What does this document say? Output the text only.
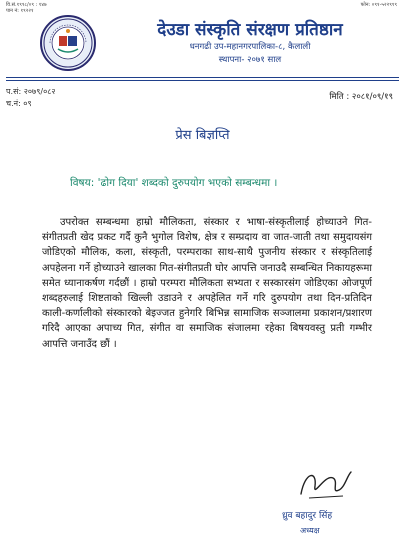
वि.सं.१९९८/०९ : १४७
पान नं: १९२२१
फोन: ०९१-५२२९९९
देउडा संस्कृति संरक्षण प्रतिष्ठान
धनगढी उप-महानगरपालिका-८, कैलाली
स्थापना- २०७१ साल
प.सं: २०७९/०८२
च.नं: ०९
मिति : २०८१/०९/१९
प्रेस बिज्ञप्ति
विषय: 'ढोग दिया' शब्दको दुरुपयोग भएको सम्बन्धमा ।
उपरोक्त सम्बन्धमा हाम्रो मौलिकता, संस्कार र भाषा-संस्कृतीलाई होच्याउने गित-संगीतप्रती खेद प्रकट गर्दै कुनै भुगोल विशेष, क्षेत्र र सम्प्रदाय वा जात-जाती तथा समुदायसंग जोडिएको मौलिक, कला, संस्कृती, परम्पराका साथ-साथै पुजनीय संस्कार र संस्कृतिलाई अपहेलना गर्ने होच्याउने खालका गित-संगीतप्रती घोर आपत्ति जनाउदै सम्बन्धित निकायहरूमा समेत ध्यानाकर्षण गर्दछौं । हाम्रो परम्परा मौलिकता सभ्यता र सस्कारसंग जोडिएका ओजपूर्ण शब्दहरुलाई शिष्टताको खिल्ली उडाउने र अपहेलित गर्ने गरि दुरुपयोग तथा दिन-प्रतिदिन काली-कर्णालीको संस्कारको बेइज्जत हुनेगरि बिभिन्न सामाजिक सञ्जालमा प्रकाशन/प्रशारण गरिदै आएका अपाच्य गित, संगीत वा समाजिक संजालमा रहेका बिषयवस्तु प्रती गम्भीर आपत्ति जनाउँद छौं ।
ध्रुव बहादुर सिंह
अध्यक्ष
